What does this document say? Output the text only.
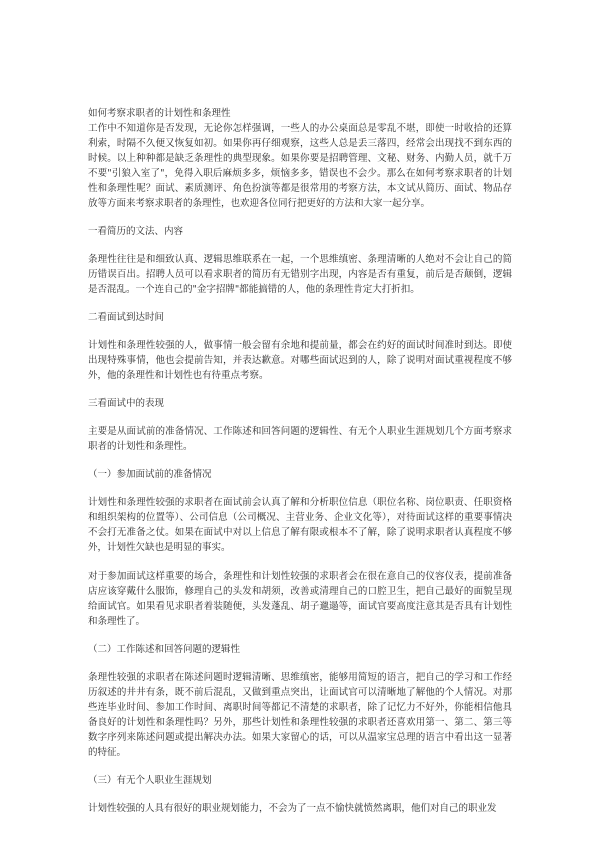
如何考察求职者的计划性和条理性

工作中不知道你是否发现，无论你怎样强调，一些人的办公桌面总是零乱不堪，即使一时收拾的还算利索，时隔不久便又恢复如初。如果你再仔细观察，这些人总是丢三落四，经常会出现找不到东西的时候。以上种种都是缺乏条理性的典型现象。如果你要是招聘管理、文秘、财务、内勤人员，就千万不要"引狼入室了"，免得入职后麻烦多多，烦恼多多，错误也不会少。那么在如何考察求职者的计划性和条理性呢？面试、素质测评、角色扮演等都是很常用的考察方法，本文试从简历、面试、物品存放等方面来考察求职者的条理性，也欢迎各位同行把更好的方法和大家一起分享。

一看简历的文法、内容

条理性往往是和细致认真、逻辑思维联系在一起，一个思维缜密、条理清晰的人绝对不会让自己的简历错误百出。招聘人员可以看求职者的简历有无错别字出现，内容是否有重复，前后是否颠倒，逻辑是否混乱。一个连自己的"金字招牌"都能搞错的人，他的条理性肯定大打折扣。

二看面试到达时间

计划性和条理性较强的人，做事情一般会留有余地和提前量，都会在约好的面试时间准时到达。即使出现特殊事情，他也会提前告知，并表达歉意。对哪些面试迟到的人，除了说明对面试重视程度不够外，他的条理性和计划性也有待重点考察。

三看面试中的表现

主要是从面试前的准备情况、工作陈述和回答问题的逻辑性、有无个人职业生涯规划几个方面考察求职者的计划性和条理性。

（一）参加面试前的准备情况

计划性和条理性较强的求职者在面试前会认真了解和分析职位信息（职位名称、岗位职责、任职资格和组织架构的位置等）、公司信息（公司概况、主营业务、企业文化等），对待面试这样的重要事情决不会打无准备之仗。如果在面试中对以上信息了解有限或根本不了解，除了说明求职者认真程度不够外，计划性欠缺也是明显的事实。

对于参加面试这样重要的场合，条理性和计划性较强的求职者会在很在意自己的仪容仪表，提前准备店应该穿戴什么服饰，修理自己的头发和胡须，改善或清理自己的口腔卫生，把自己最好的面貌呈现给面试官。如果看见求职者着装随便，头发蓬乱、胡子邋遢等，面试官要高度注意其是否具有计划性和条理性了。

（二）工作陈述和回答问题的逻辑性

条理性较强的求职者在陈述问题时逻辑清晰、思维缜密，能够用简短的语言，把自己的学习和工作经历叙述的井井有条，既不前后混乱，又做到重点突出，让面试官可以清晰地了解他的个人情况。对那些连毕业时间、参加工作时间、离职时间等都记不清楚的求职者，除了记忆力不好外，你能相信他具备良好的计划性和条理性吗？另外，那些计划性和条理性较强的求职者还喜欢用第一、第二、第三等数字序列来陈述问题或提出解决办法。如果大家留心的话，可以从温家宝总理的语言中看出这一显著的特征。

（三）有无个人职业生涯规划

计划性较强的人具有很好的职业规划能力，不会为了一点不愉快就愤然离职，他们对自己的职业发
